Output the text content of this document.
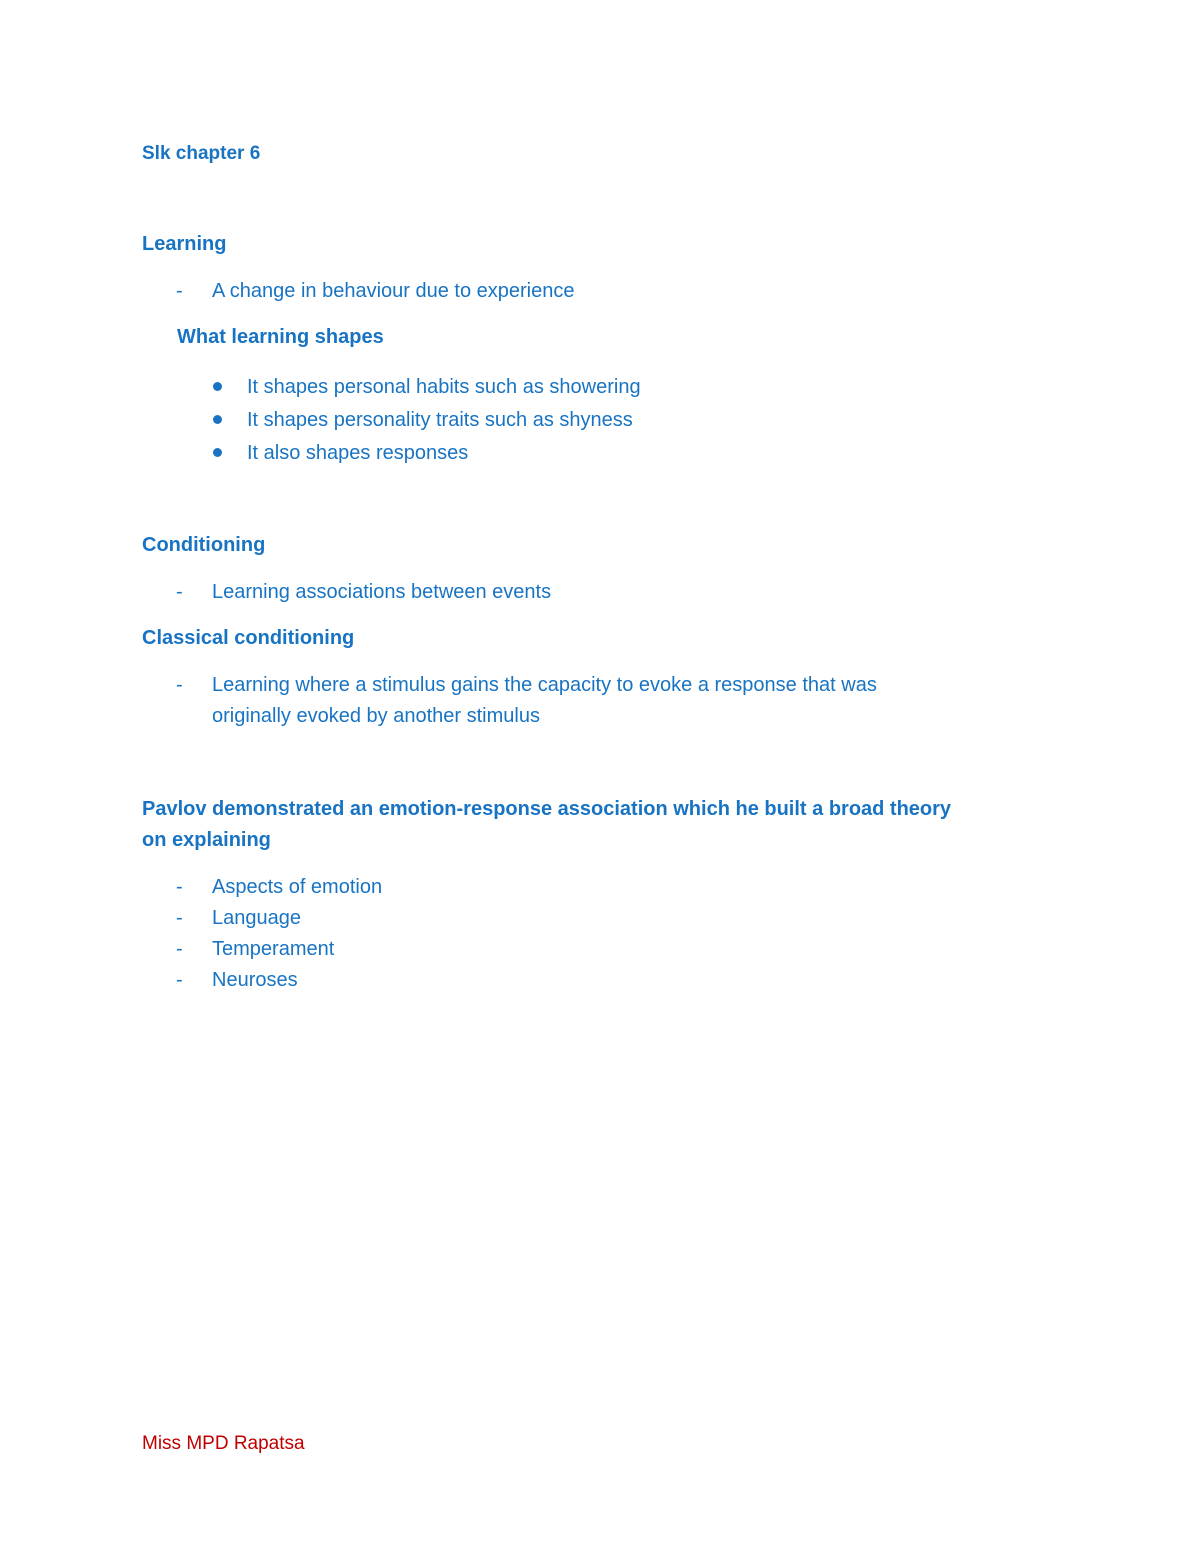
Slk chapter 6
Learning
- A change in behaviour due to experience
What learning shapes
It shapes personal habits such as showering
It shapes personality traits such as shyness
It also shapes responses
Conditioning
- Learning associations between events
Classical conditioning
- Learning where a stimulus gains the capacity to evoke a response that was
originally evoked by another stimulus
Pavlov demonstrated an emotion-response association which he built a broad theory
on explaining
- Aspects of emotion
- Language
- Temperament
- Neuroses
Miss MPD Rapatsa
